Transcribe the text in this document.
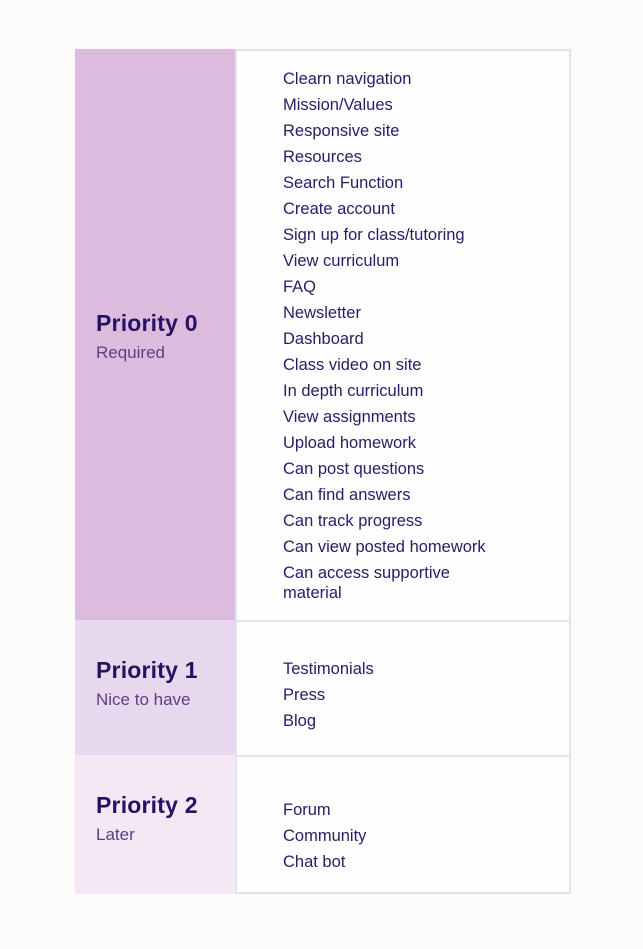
Priority 0
Required
Clearn navigation
Mission/Values
Responsive site
Resources
Search Function
Create account
Sign up for class/tutoring
View curriculum
FAQ
Newsletter
Dashboard
Class video on site
In depth curriculum
View assignments
Upload homework
Can post questions
Can find answers
Can track progress
Can view posted homework
Can access supportive material
Priority 1
Nice to have
Testimonials
Press
Blog
Priority 2
Later
Forum
Community
Chat bot
